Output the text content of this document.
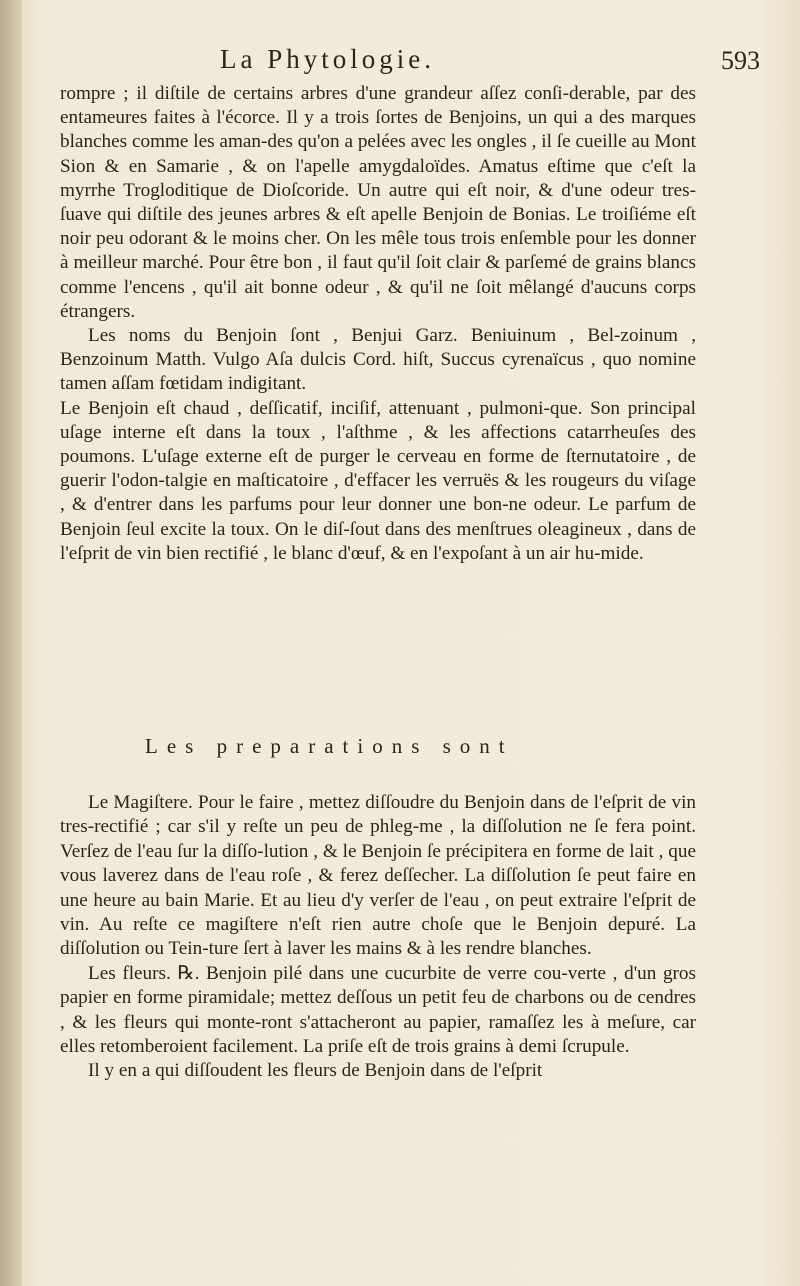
La Phytologie.	593

rompre ; il diſtile de certains arbres d'une grandeur aſſez conſi-derable, par des entameures faites à l'écorce. Il y a trois ſortes de Benjoins, un qui a des marques blanches comme les aman-des qu'on a pelées avec les ongles , il ſe cueille au Mont Sion & en Samarie , & on l'apelle amygdaloïdes. Amatus eſtime que c'eſt la myrrhe Trogloditique de Dioſcoride. Un autre qui eſt noir, & d'une odeur tres-ſuave qui diſtile des jeunes arbres & eſt apelle Benjoin de Bonias. Le troiſiéme eſt noir peu odorant & le moins cher. On les mêle tous trois enſemble pour les donner à meilleur marché. Pour être bon , il faut qu'il ſoit clair & parſemé de grains blancs comme l'encens , qu'il ait bonne odeur , & qu'il ne ſoit mêlangé d'aucuns corps étrangers.

Les noms du Benjoin ſont , Benjui Garz. Beniuinum , Bel-zoinum , Benzoinum Matth. Vulgo Aſa dulcis Cord. hiſt, Succus cyrenaïcus , quo nomine tamen aſſam fœtidam indigitant.

Le Benjoin eſt chaud , deſſicatif, inciſif, attenuant , pulmoni-que. Son principal uſage interne eſt dans la toux , l'aſthme , & les affections catarrheuſes des poumons. L'uſage externe eſt de purger le cerveau en forme de ſternutatoire , de guerir l'odon-talgie en maſticatoire , d'effacer les verruës & les rougeurs du viſage , & d'entrer dans les parfums pour leur donner une bon-ne odeur. Le parfum de Benjoin ſeul excite la toux. On le diſ-ſout dans des menſtrues oleagineux , dans de l'eſprit de vin bien rectifié , le blanc d'œuf, & en l'expoſant à un air hu-mide.

Les preparations sont

Le Magiſtere. Pour le faire , mettez diſſoudre du Benjoin dans de l'eſprit de vin tres-rectifié ; car s'il y reſte un peu de phleg-me , la diſſolution ne ſe fera point. Verſez de l'eau ſur la diſſo-lution , & le Benjoin ſe précipitera en forme de lait , que vous laverez dans de l'eau roſe , & ferez deſſecher. La diſſolution ſe peut faire en une heure au bain Marie. Et au lieu d'y verſer de l'eau , on peut extraire l'eſprit de vin. Au reſte ce magiſtere n'eſt rien autre choſe que le Benjoin depuré. La diſſolution ou Tein-ture ſert à laver les mains & à les rendre blanches.

Les fleurs. ℞. Benjoin pilé dans une cucurbite de verre cou-verte , d'un gros papier en forme piramidale; mettez deſſous un petit feu de charbons ou de cendres , & les fleurs qui monte-ront s'attacheront au papier, ramaſſez les à meſure, car elles retomberoient facilement. La priſe eſt de trois grains à demi ſcrupule.

Il y en a qui diſſoudent les fleurs de Benjoin dans de l'eſprit
